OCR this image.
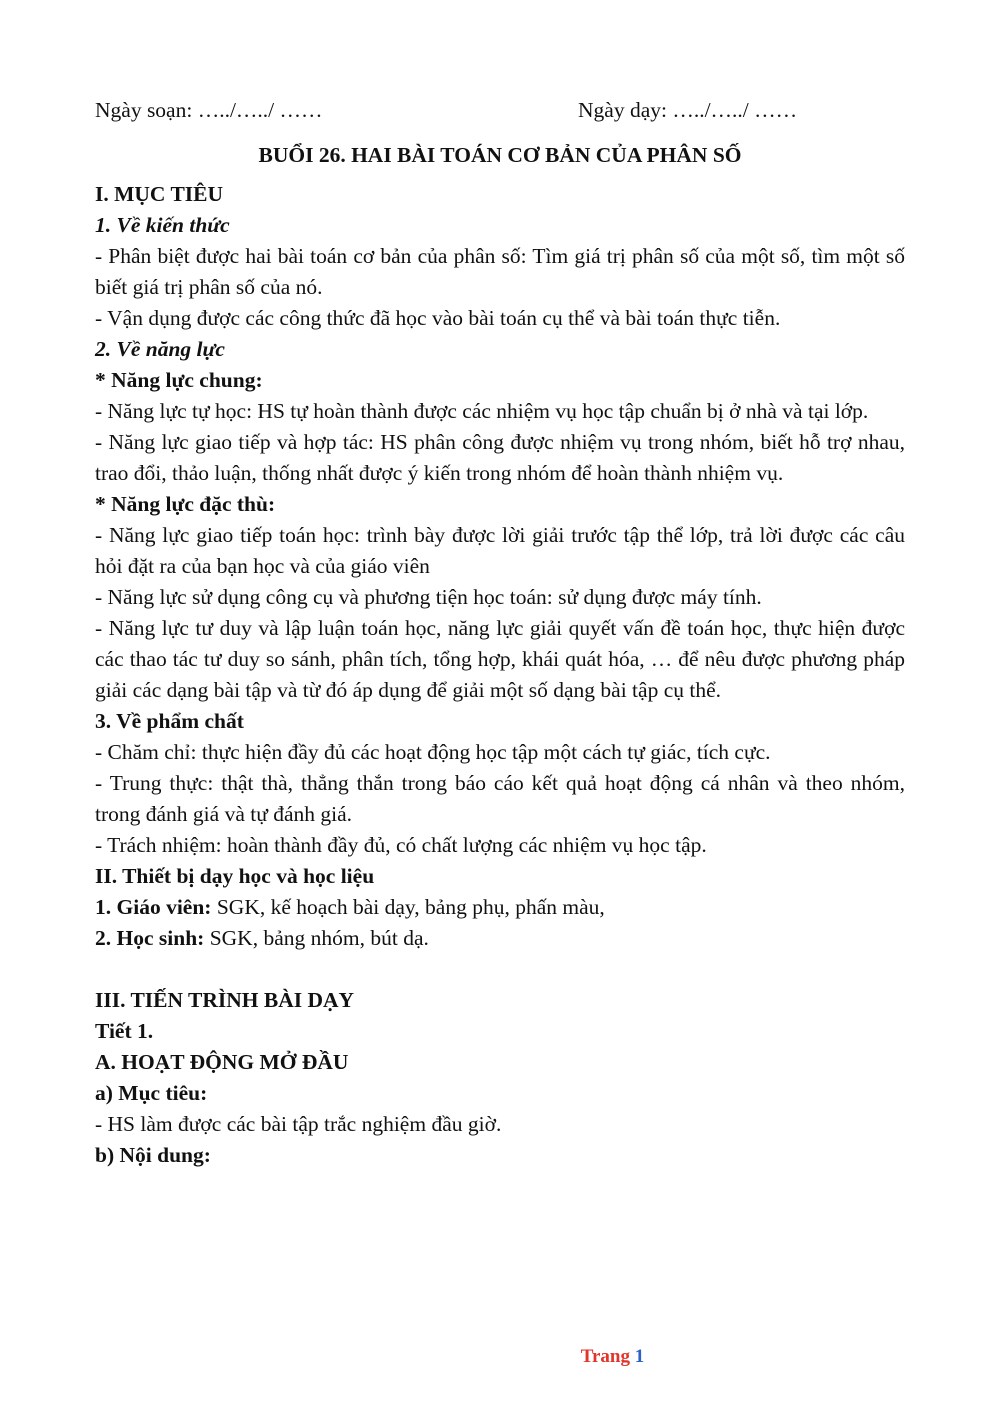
Ngày soạn: …../…../ ……	Ngày dạy: …../…../ ……

BUỔI 26. HAI BÀI TOÁN CƠ BẢN CỦA PHÂN SỐ

I. MỤC TIÊU

1. Về kiến thức

- Phân biệt được hai bài toán cơ bản của phân số: Tìm giá trị phân số của một số, tìm một số biết giá trị phân số của nó.

- Vận dụng được các công thức đã học vào bài toán cụ thể và bài toán thực tiễn.

2. Về năng lực

* Năng lực chung:

- Năng lực tự học: HS tự hoàn thành được các nhiệm vụ học tập chuẩn bị ở nhà và tại lớp.

- Năng lực giao tiếp và hợp tác: HS phân công được nhiệm vụ trong nhóm, biết hỗ trợ nhau, trao đổi, thảo luận, thống nhất được ý kiến trong nhóm để hoàn thành nhiệm vụ.

* Năng lực đặc thù:

- Năng lực giao tiếp toán học: trình bày được lời giải trước tập thể lớp, trả lời được các câu hỏi đặt ra của bạn học và của giáo viên

- Năng lực sử dụng công cụ và phương tiện học toán: sử dụng được máy tính.

- Năng lực tư duy và lập luận toán học, năng lực giải quyết vấn đề toán học, thực hiện được các thao tác tư duy so sánh, phân tích, tổng hợp, khái quát hóa, … để nêu được phương pháp giải các dạng bài tập và từ đó áp dụng để giải một số dạng bài tập cụ thể.

3. Về phẩm chất

- Chăm chỉ: thực hiện đầy đủ các hoạt động học tập một cách tự giác, tích cực.

- Trung thực: thật thà, thẳng thắn trong báo cáo kết quả hoạt động cá nhân và theo nhóm, trong đánh giá và tự đánh giá.

- Trách nhiệm: hoàn thành đầy đủ, có chất lượng các nhiệm vụ học tập.

II. Thiết bị dạy học và học liệu

1. Giáo viên: SGK, kế hoạch bài dạy, bảng phụ, phấn màu,

2. Học sinh: SGK, bảng nhóm, bút dạ.

III. TIẾN TRÌNH BÀI DẠY

Tiết 1.

A. HOẠT ĐỘNG MỞ ĐẦU

a) Mục tiêu:

- HS làm được các bài tập trắc nghiệm đầu giờ.

b) Nội dung:

Trang 1
